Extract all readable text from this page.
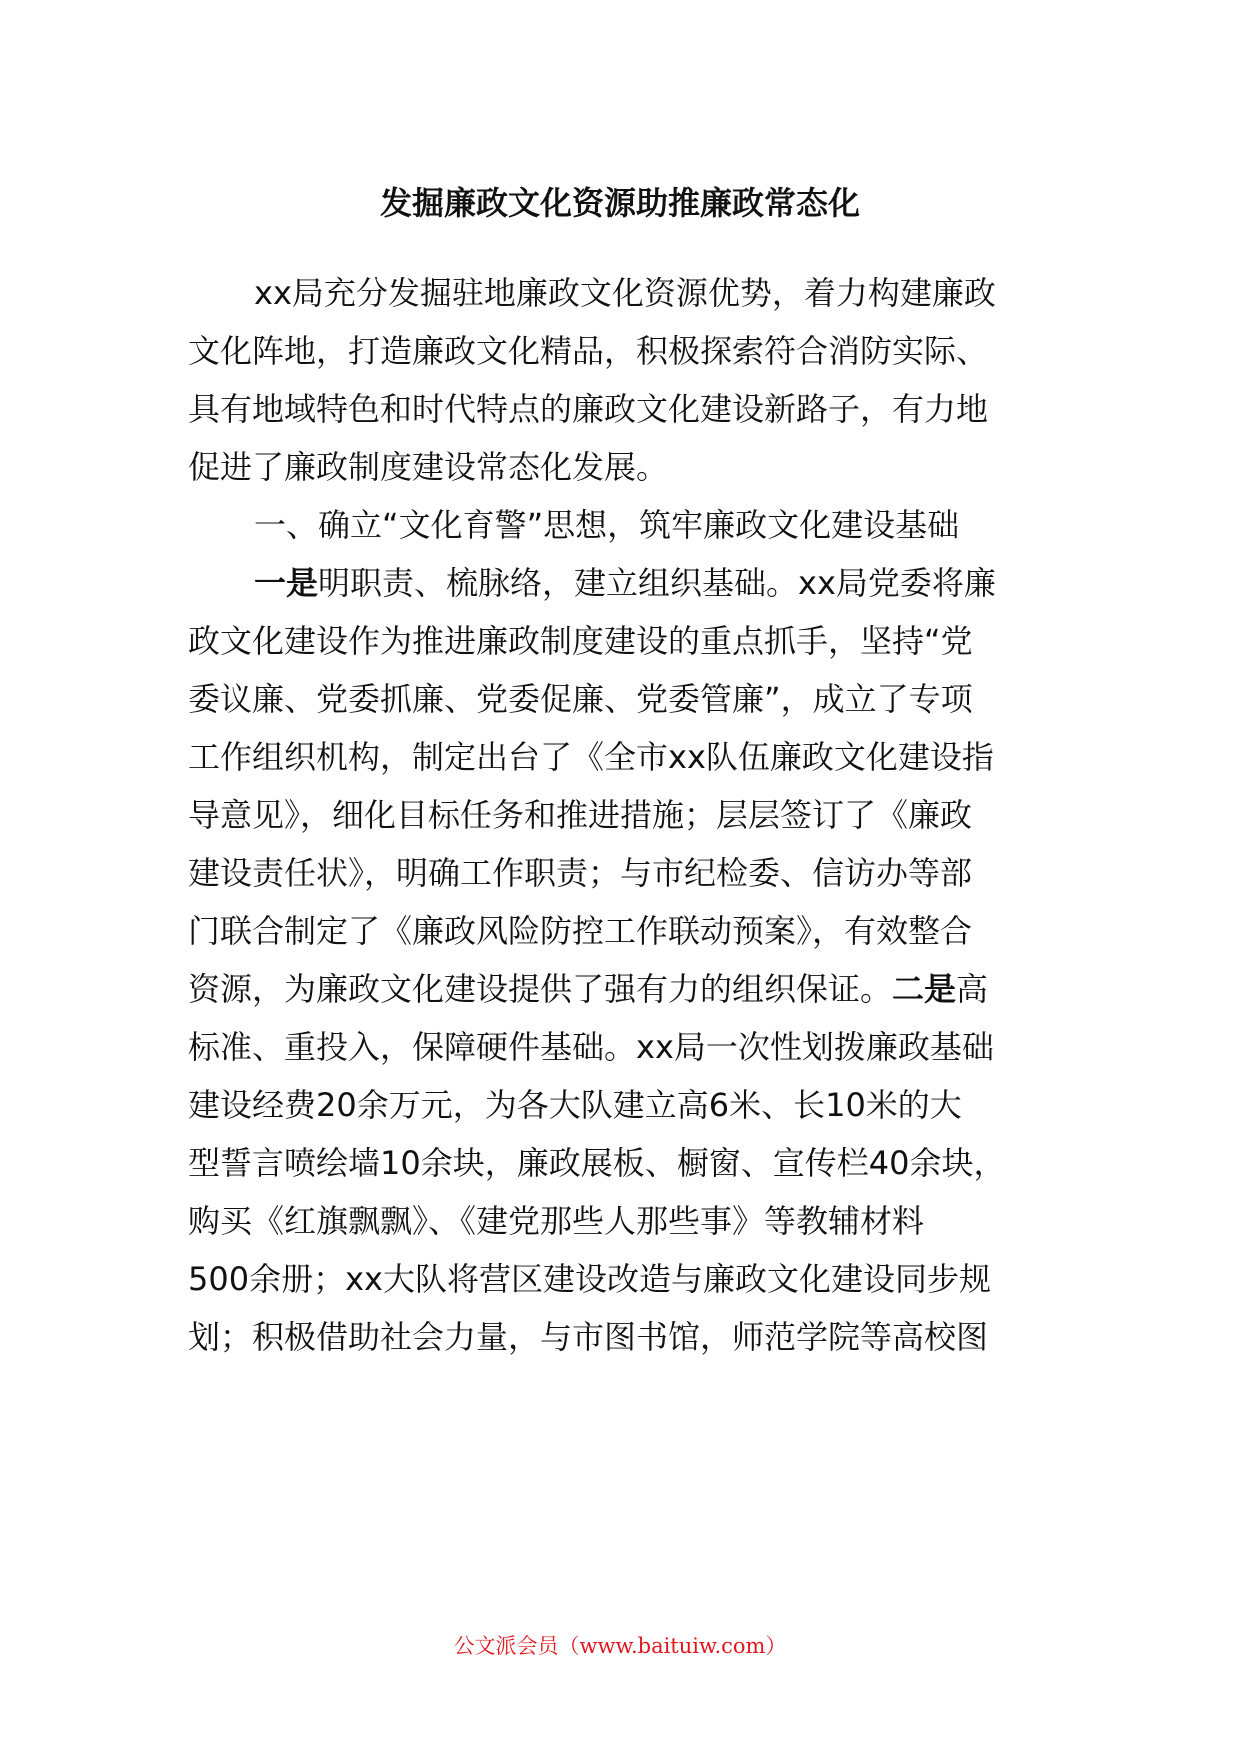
发掘廉政文化资源助推廉政常态化
xx局充分发掘驻地廉政文化资源优势，着力构建廉政
文化阵地，打造廉政文化精品，积极探索符合消防实际、
具有地域特色和时代特点的廉政文化建设新路子，有力地
促进了廉政制度建设常态化发展。
一、确立“文化育警”思想，筑牢廉政文化建设基础
一是明职责、梳脉络，建立组织基础。xx局党委将廉
政文化建设作为推进廉政制度建设的重点抓手，坚持“党
委议廉、党委抓廉、党委促廉、党委管廉”，成立了专项
工作组织机构，制定出台了《全市xx队伍廉政文化建设指
导意见》，细化目标任务和推进措施；层层签订了《廉政
建设责任状》，明确工作职责；与市纪检委、信访办等部
门联合制定了《廉政风险防控工作联动预案》，有效整合
资源，为廉政文化建设提供了强有力的组织保证。二是高
标准、重投入，保障硬件基础。xx局一次性划拨廉政基础
建设经费20余万元，为各大队建立高6米、长10米的大
型誓言喷绘墙10余块，廉政展板、橱窗、宣传栏40余块，
购买《红旗飘飘》、《建党那些人那些事》等教辅材料
500余册；xx大队将营区建设改造与廉政文化建设同步规
划；积极借助社会力量，与市图书馆，师范学院等高校图
公文派会员（www.baituiw.com）
